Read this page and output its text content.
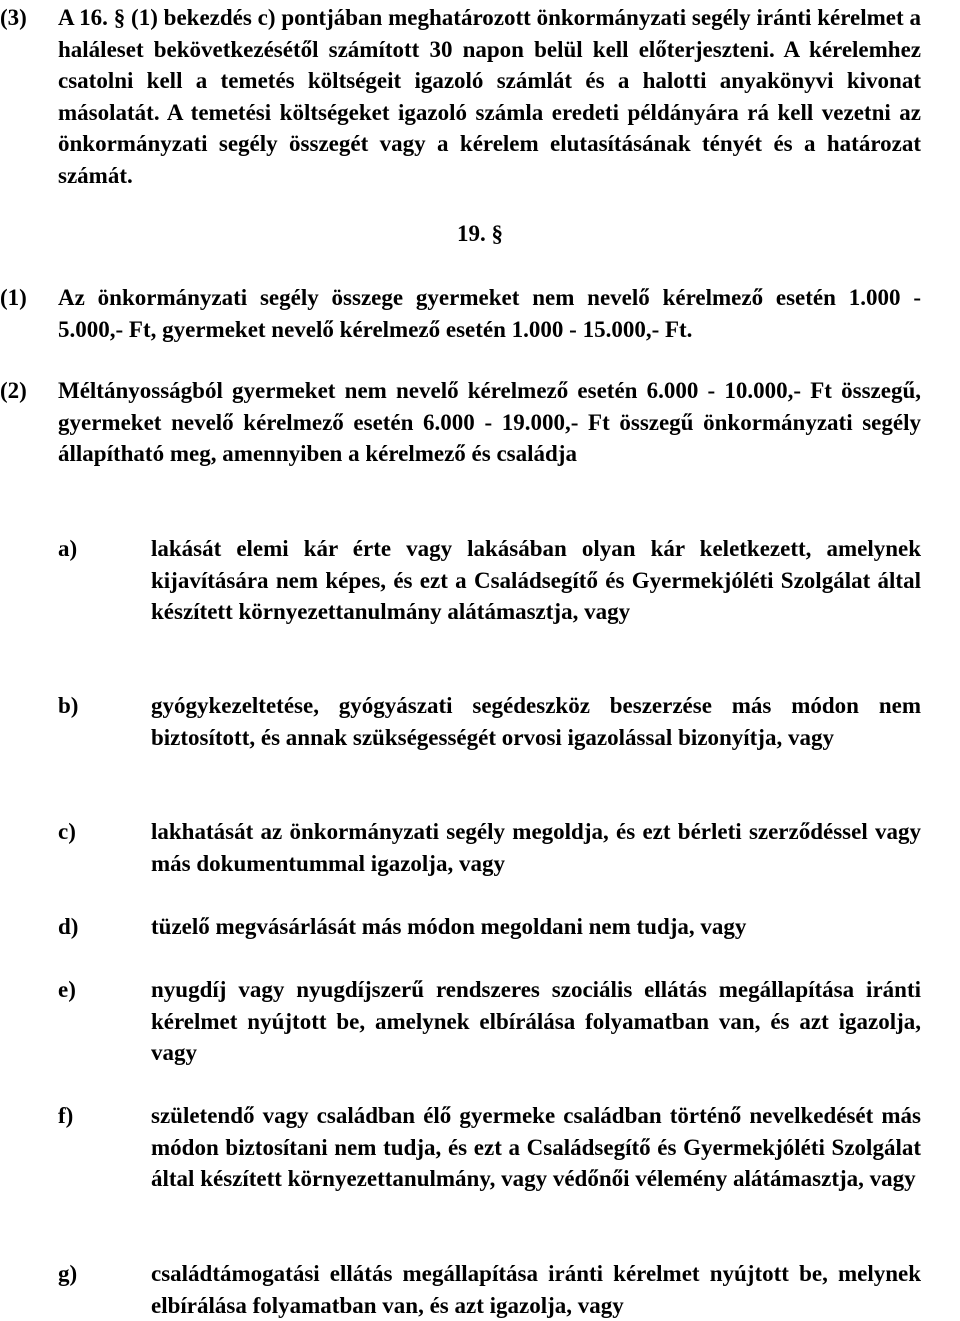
(3) A 16. § (1) bekezdés c) pontjában meghatározott önkormányzati segély iránti kérelmet a haláleset bekövetkezésétől számított 30 napon belül kell előterjeszteni. A kérelemhez csatolni kell a temetés költségeit igazoló számlát és a halotti anyakönyvi kivonat másolatát. A temetési költségeket igazoló számla eredeti példányára rá kell vezetni az önkormányzati segély összegét vagy a kérelem elutasításának tényét és a határozat számát.
19. §
(1) Az önkormányzati segély összege gyermeket nem nevelő kérelmező esetén 1.000 - 5.000,- Ft, gyermeket nevelő kérelmező esetén 1.000 - 15.000,- Ft.
(2) Méltányosságból gyermeket nem nevelő kérelmező esetén 6.000 - 10.000,- Ft összegű, gyermeket nevelő kérelmező esetén 6.000 - 19.000,- Ft összegű önkormányzati segély állapítható meg, amennyiben a kérelmező és családja
a)	lakását elemi kár érte vagy lakásában olyan kár keletkezett, amelynek kijavítására nem képes, és ezt a Családsegítő és Gyermekjóléti Szolgálat által készített környezettanulmány alátámasztja, vagy
b)	gyógykezeltetése, gyógyászati segédeszköz beszerzése más módon nem biztosított, és annak szükségességét orvosi igazolással bizonyítja, vagy
c)	lakhatását az önkormányzati segély megoldja, és ezt bérleti szerződéssel vagy más dokumentummal igazolja, vagy
d)	tüzelő megvásárlását más módon megoldani nem tudja, vagy
e)	nyugdíj vagy nyugdíjszerű rendszeres szociális ellátás megállapítása iránti kérelmet nyújtott be, amelynek elbírálása folyamatban van, és azt igazolja, vagy
f)	születendő vagy családban élő gyermeke családban történő nevelkedését más módon biztosítani nem tudja, és ezt a Családsegítő és Gyermekjóléti Szolgálat által készített környezettanulmány, vagy védőnői vélemény alátámasztja, vagy
g)	családtámogatási ellátás megállapítása iránti kérelmet nyújtott be, melynek elbírálása folyamatban van, és azt igazolja, vagy
